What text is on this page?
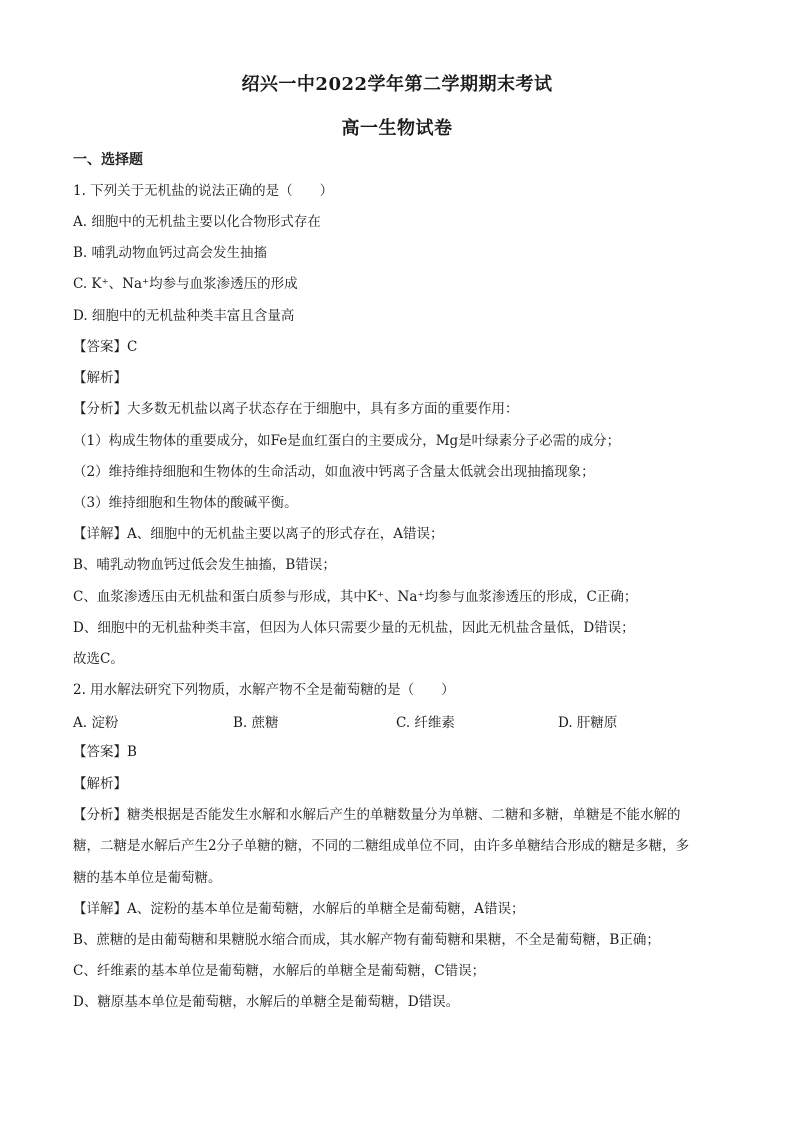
绍兴一中2022学年第二学期期末考试
高一生物试卷
一、选择题
1. 下列关于无机盐的说法正确的是（　　）
A. 细胞中的无机盐主要以化合物形式存在
B. 哺乳动物血钙过高会发生抽搐
C. K⁺、Na⁺均参与血浆渗透压的形成
D. 细胞中的无机盐种类丰富且含量高
【答案】C
【解析】
【分析】大多数无机盐以离子状态存在于细胞中，具有多方面的重要作用：
（1）构成生物体的重要成分，如Fe是血红蛋白的主要成分，Mg是叶绿素分子必需的成分；
（2）维持维持细胞和生物体的生命活动，如血液中钙离子含量太低就会出现抽搐现象；
（3）维持细胞和生物体的酸碱平衡。
【详解】A、细胞中的无机盐主要以离子的形式存在，A错误；
B、哺乳动物血钙过低会发生抽搐，B错误；
C、血浆渗透压由无机盐和蛋白质参与形成，其中K⁺、Na⁺均参与血浆渗透压的形成，C正确；
D、细胞中的无机盐种类丰富，但因为人体只需要少量的无机盐，因此无机盐含量低，D错误；
故选C。
2. 用水解法研究下列物质，水解产物不全是葡萄糖的是（　　）
A. 淀粉	B. 蔗糖	C. 纤维素	D. 肝糖原
【答案】B
【解析】
【分析】糖类根据是否能发生水解和水解后产生的单糖数量分为单糖、二糖和多糖，单糖是不能水解的
糖，二糖是水解后产生2分子单糖的糖，不同的二糖组成单位不同，由许多单糖结合形成的糖是多糖，多
糖的基本单位是葡萄糖。
【详解】A、淀粉的基本单位是葡萄糖，水解后的单糖全是葡萄糖，A错误；
B、蔗糖的是由葡萄糖和果糖脱水缩合而成，其水解产物有葡萄糖和果糖，不全是葡萄糖，B正确；
C、纤维素的基本单位是葡萄糖，水解后的单糖全是葡萄糖，C错误；
D、糖原基本单位是葡萄糖，水解后的单糖全是葡萄糖，D错误。
